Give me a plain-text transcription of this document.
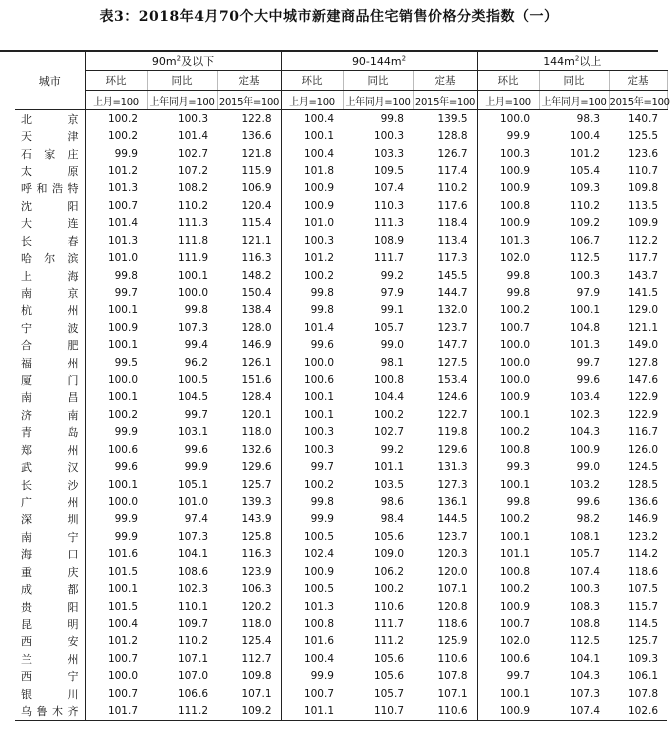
表3：2018年4月70个大中城市新建商品住宅销售价格分类指数（一）
城市	$90m^2$及以下			$90-144m^2$			$144m^2$以上		
	环比	同比	定基	环比	同比	定基	环比	同比	定基
	上月=100	上年同月=100	2015年=100	上月=100	上年同月=100	2015年=100	上月=100	上年同月=100	2015年=100
北京	100.2	100.3	122.8	100.4	99.8	139.5	100.0	98.3	140.7
天津	100.2	101.4	136.6	100.1	100.3	128.8	99.9	100.4	125.5
石家庄	99.9	102.7	121.8	100.4	103.3	126.7	100.3	101.2	123.6
太原	101.2	107.2	115.9	101.8	109.5	117.4	100.9	105.4	110.7
呼和浩特	101.3	108.2	106.9	100.9	107.4	110.2	100.9	109.3	109.8
沈阳	100.7	110.2	120.4	100.9	110.3	117.6	100.8	110.2	113.5
大连	101.4	111.3	115.4	101.0	111.3	118.4	100.9	109.2	109.9
长春	101.3	111.8	121.1	100.3	108.9	113.4	101.3	106.7	112.2
哈尔滨	101.0	111.9	116.3	101.2	111.7	117.3	102.0	112.5	117.7
上海	99.8	100.1	148.2	100.2	99.2	145.5	99.8	100.3	143.7
南京	99.7	100.0	150.4	99.8	97.9	144.7	99.8	97.9	141.5
杭州	100.1	99.8	138.4	99.8	99.1	132.0	100.2	100.1	129.0
宁波	100.9	107.3	128.0	101.4	105.7	123.7	100.7	104.8	121.1
合肥	100.1	99.4	146.9	99.6	99.0	147.7	100.0	101.3	149.0
福州	99.5	96.2	126.1	100.0	98.1	127.5	100.0	99.7	127.8
厦门	100.0	100.5	151.6	100.6	100.8	153.4	100.0	99.6	147.6
南昌	100.1	104.5	128.4	100.1	104.4	124.6	100.9	103.4	122.9
济南	100.2	99.7	120.1	100.1	100.2	122.7	100.1	102.3	122.9
青岛	99.9	103.1	118.0	100.3	102.7	119.8	100.2	104.3	116.7
郑州	100.6	99.6	132.6	100.3	99.2	129.6	100.8	100.9	126.0
武汉	99.6	99.9	129.6	99.7	101.1	131.3	99.3	99.0	124.5
长沙	100.1	105.1	125.7	100.2	103.5	127.3	100.1	103.2	128.5
广州	100.0	101.0	139.3	99.8	98.6	136.1	99.8	99.6	136.6
深圳	99.9	97.4	143.9	99.9	98.4	144.5	100.2	98.2	146.9
南宁	99.9	107.3	125.8	100.5	105.6	123.7	100.1	108.1	123.2
海口	101.6	104.1	116.3	102.4	109.0	120.3	101.1	105.7	114.2
重庆	101.5	108.6	123.9	100.9	106.2	120.0	100.8	107.4	118.6
成都	100.1	102.3	106.3	100.5	100.2	107.1	100.2	100.3	107.5
贵阳	101.5	110.1	120.2	101.3	110.6	120.8	100.9	108.3	115.7
昆明	100.4	109.7	118.0	100.8	111.7	118.6	100.7	108.8	114.5
西安	101.2	110.2	125.4	101.6	111.2	125.9	102.0	112.5	125.7
兰州	100.7	107.1	112.7	100.4	105.6	110.6	100.6	104.1	109.3
西宁	100.0	107.0	109.8	99.9	105.6	107.8	99.7	104.3	106.1
银川	100.7	106.6	107.1	100.7	105.7	107.1	100.1	107.3	107.8
乌鲁木齐	101.7	111.2	109.2	101.1	110.7	110.6	100.9	107.4	102.6
